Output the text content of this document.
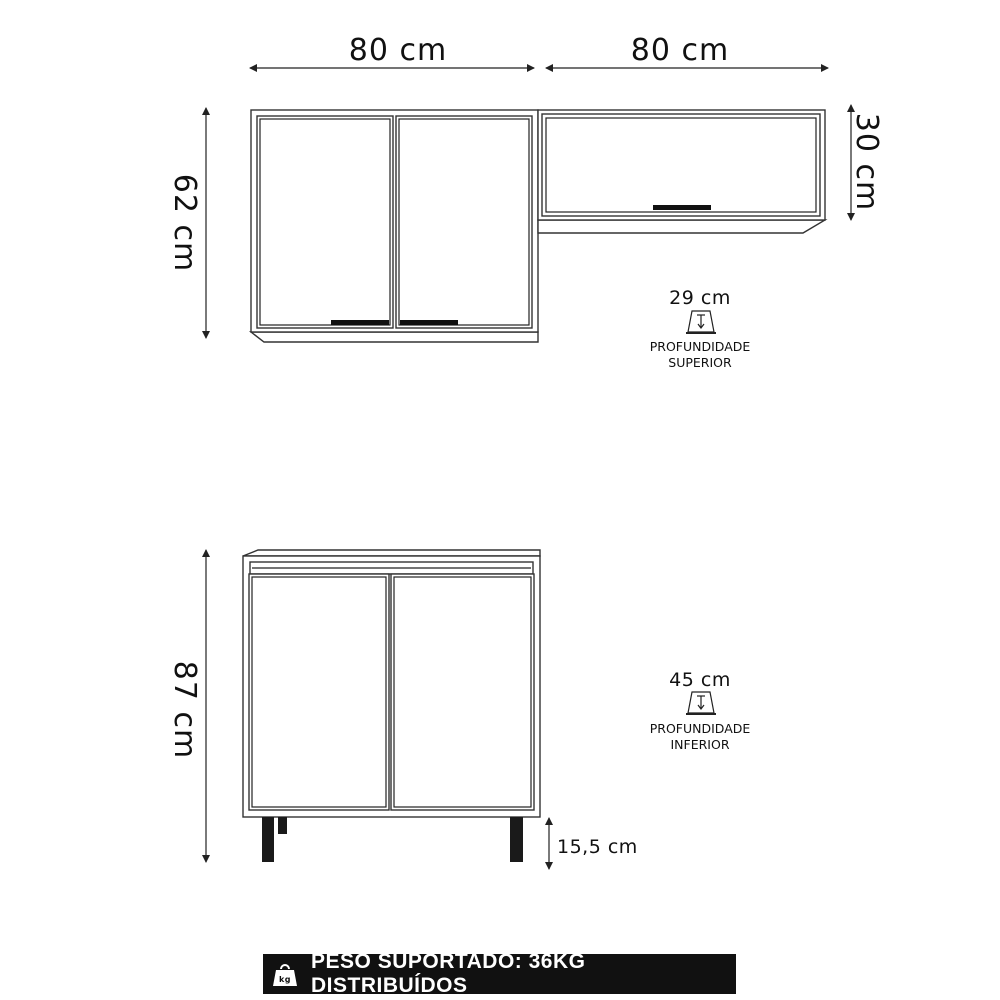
80 cm	80 cm
62 cm
30 cm
29 cm
PROFUNDIDADE
SUPERIOR
87 cm
15,5 cm
45 cm
PROFUNDIDADE
INFERIOR
kg
PESO SUPORTADO: 36KG DISTRIBUÍDOS
